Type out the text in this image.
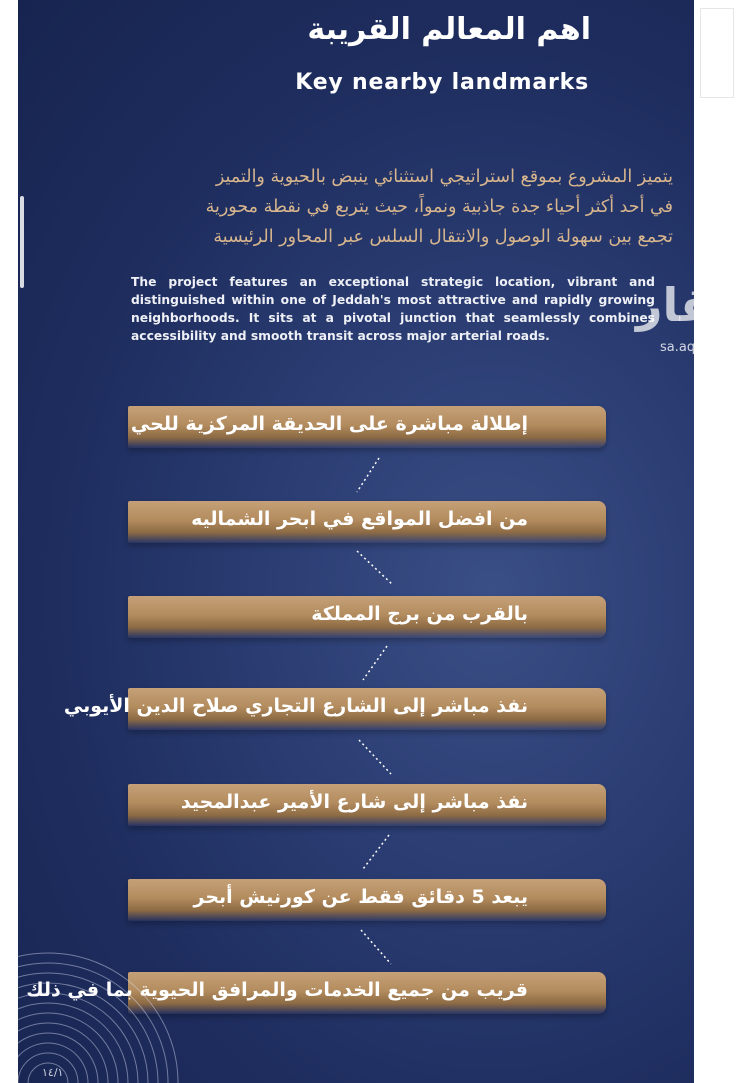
اهم المعالم القريبة
Key nearby landmarks
يتميز المشروع بموقع استراتيجي استثنائي ينبض بالحيوية والتميز
في أحد أكثر أحياء جدة جاذبية ونمواً، حيث يتربع في نقطة محورية
تجمع بين سهولة الوصول والانتقال السلس عبر المحاور الرئيسية
The project features an exceptional strategic location, vibrant and distinguished within one of Jeddah's most attractive and rapidly growing neighborhoods. It sits at a pivotal junction that seamlessly combines accessibility and smooth transit across major arterial roads.
إطلالة مباشرة على الحديقة المركزية للحي
من افضل المواقع في ابحر الشماليه
بالقرب من برج المملكة
نفذ مباشر إلى الشارع التجاري صلاح الدين الأيوبي
نفذ مباشر إلى شارع الأمير عبدالمجيد
يبعد 5 دقائق فقط عن كورنيش أبحر
قريب من جميع الخدمات والمرافق الحيوية بما في ذلك
١٤/١
عقار
sa.aqar.fm
